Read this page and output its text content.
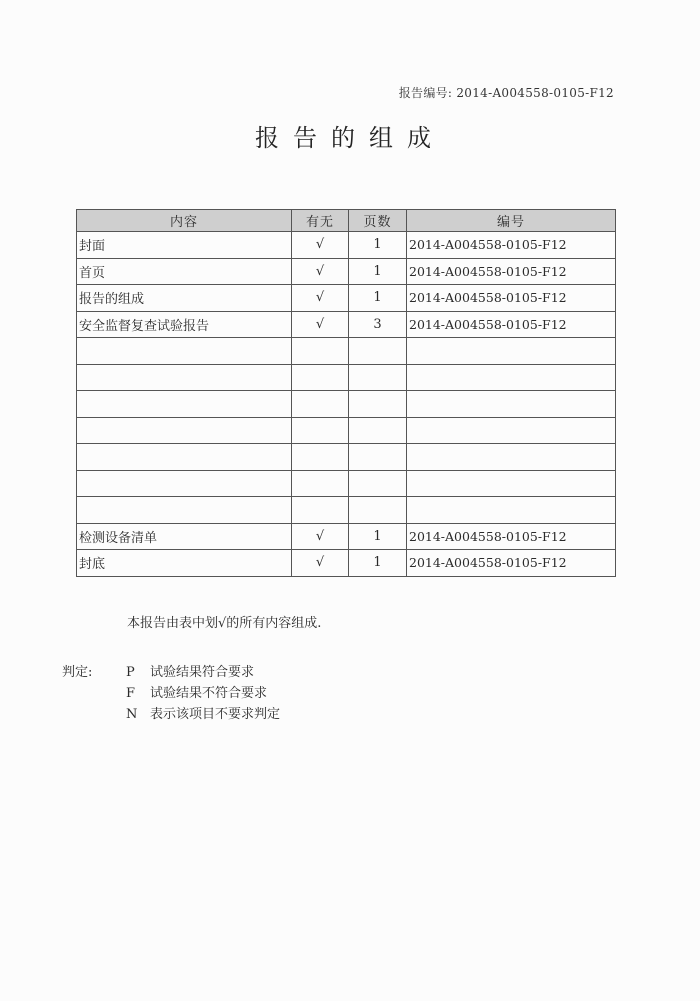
报告编号: 2014-A004558-0105-F12
报告的组成
内容	有无	页数	编号
封面	√	1	2014-A004558-0105-F12
首页	√	1	2014-A004558-0105-F12
报告的组成	√	1	2014-A004558-0105-F12
安全监督复查试验报告	√	3	2014-A004558-0105-F12

检测设备清单	√	1	2014-A004558-0105-F12
封底	√	1	2014-A004558-0105-F12
本报告由表中划√的所有内容组成.
判定:	P 试验结果符合要求
F 试验结果不符合要求
N 表示该项目不要求判定
